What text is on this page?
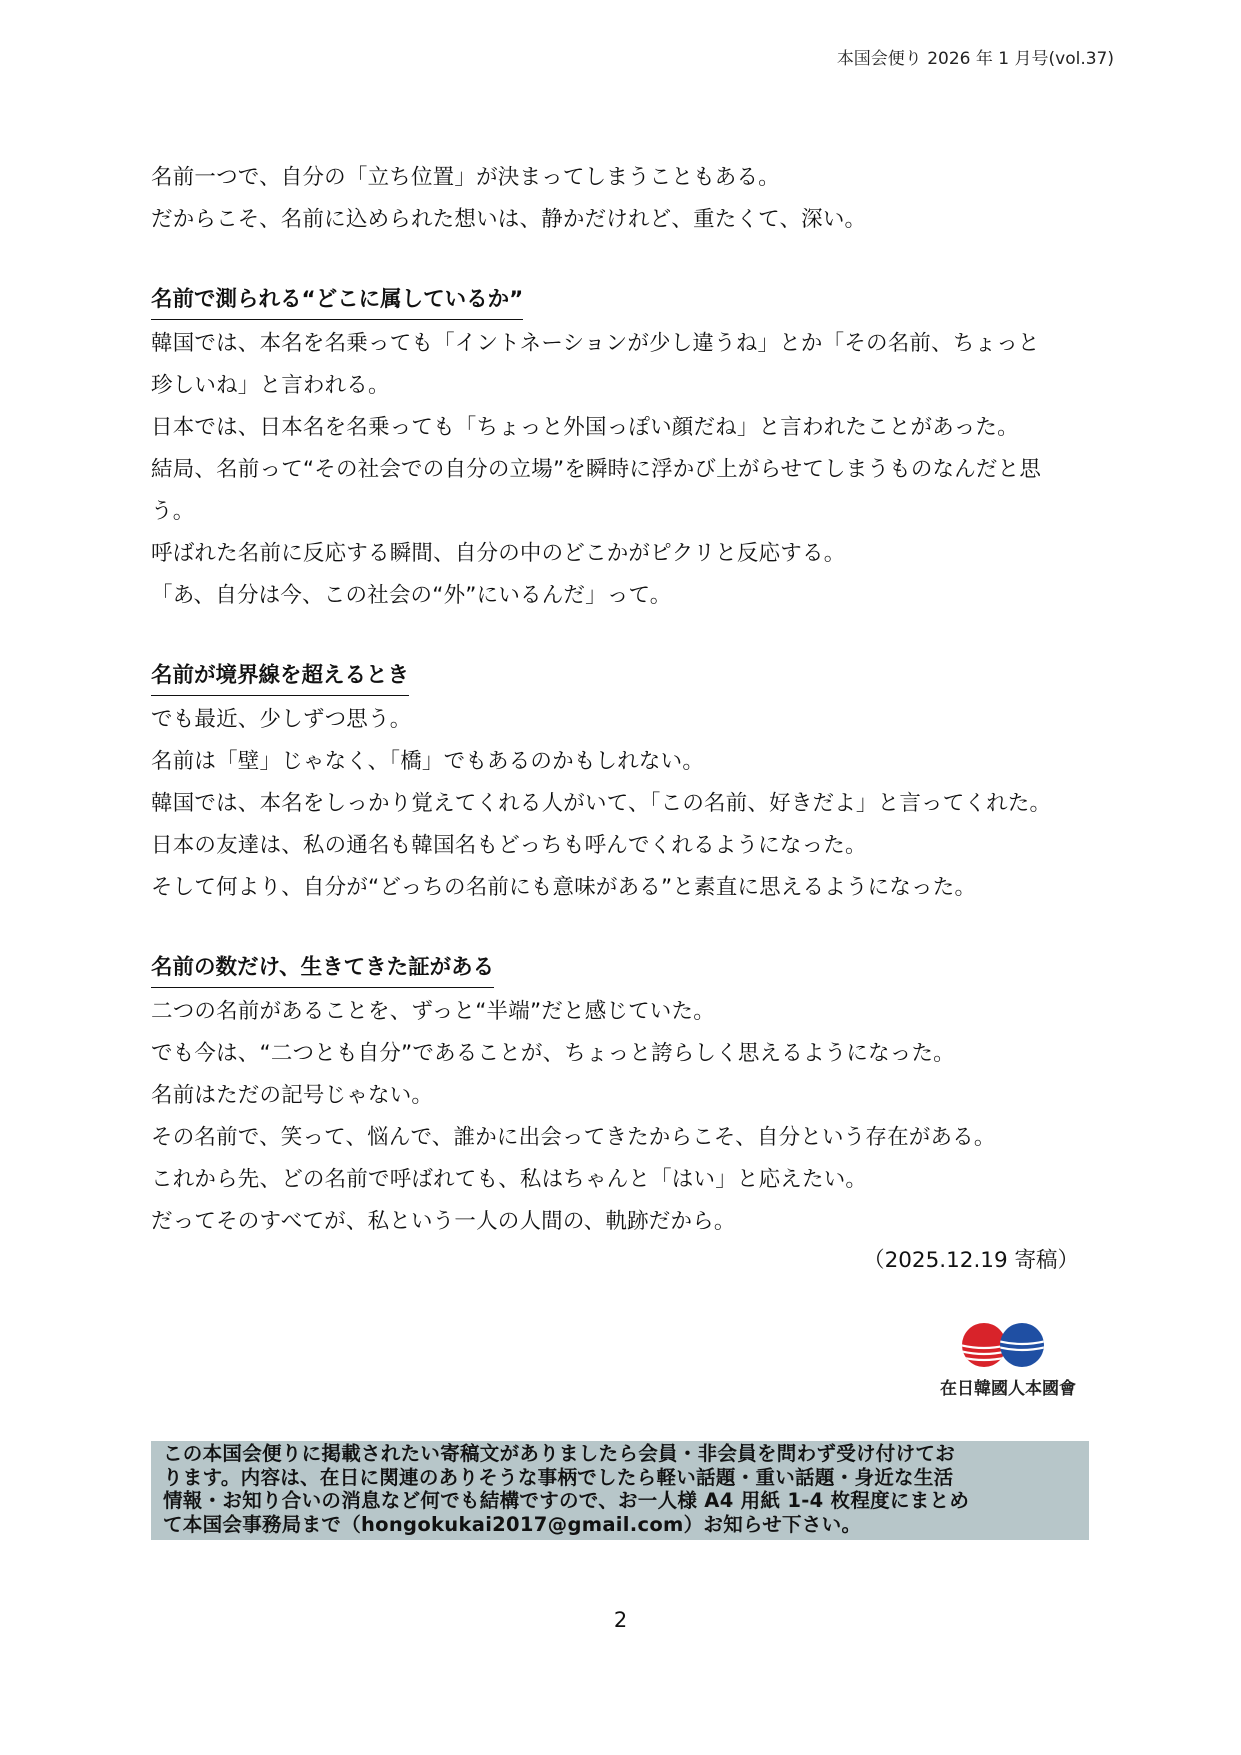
本国会便り 2026 年 1 月号(vol.37)
名前一つで、自分の「立ち位置」が決まってしまうこともある。
だからこそ、名前に込められた想いは、静かだけれど、重たくて、深い。
名前で測られる“どこに属しているか”
韓国では、本名を名乗っても「イントネーションが少し違うね」とか「その名前、ちょっと
珍しいね」と言われる。
日本では、日本名を名乗っても「ちょっと外国っぽい顔だね」と言われたことがあった。
結局、名前って“その社会での自分の立場”を瞬時に浮かび上がらせてしまうものなんだと思
う。
呼ばれた名前に反応する瞬間、自分の中のどこかがピクリと反応する。
「あ、自分は今、この社会の“外”にいるんだ」って。
名前が境界線を超えるとき
でも最近、少しずつ思う。
名前は「壁」じゃなく、「橋」でもあるのかもしれない。
韓国では、本名をしっかり覚えてくれる人がいて、「この名前、好きだよ」と言ってくれた。
日本の友達は、私の通名も韓国名もどっちも呼んでくれるようになった。
そして何より、自分が“どっちの名前にも意味がある”と素直に思えるようになった。
名前の数だけ、生きてきた証がある
二つの名前があることを、ずっと“半端”だと感じていた。
でも今は、“二つとも自分”であることが、ちょっと誇らしく思えるようになった。
名前はただの記号じゃない。
その名前で、笑って、悩んで、誰かに出会ってきたからこそ、自分という存在がある。
これから先、どの名前で呼ばれても、私はちゃんと「はい」と応えたい。
だってそのすべてが、私という一人の人間の、軌跡だから。
（2025.12.19 寄稿）
在日韓國人本國會
この本国会便りに掲載されたい寄稿文がありましたら会員・非会員を問わず受け付けてお
ります。内容は、在日に関連のありそうな事柄でしたら軽い話題・重い話題・身近な生活
情報・お知り合いの消息など何でも結構ですので、お一人様 A4 用紙 1-4 枚程度にまとめ
て本国会事務局まで（hongokukai2017@gmail.com）お知らせ下さい。
2
